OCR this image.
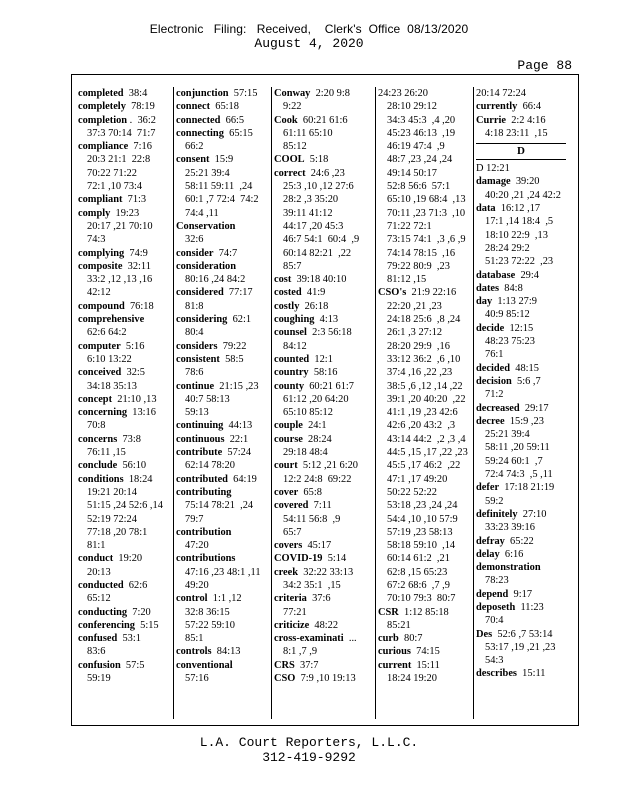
Electronic   Filing:   Received,    Clerk's  Office  08/13/2020
August 4, 2020
Page 88
completed  38:4
completely  78:19
completion .  36:2
37:3 70:14  71:7
compliance  7:16
20:3 21:1  22:8
70:22 71:22
72:1 ,10 73:4
compliant  71:3
comply  19:23
20:17 ,21 70:10
74:3
complying  74:9
composite  32:11
33:2 ,12 ,13 ,16
42:12
compound  76:18
comprehensive
62:6 64:2
computer  5:16
6:10 13:22
conceived  32:5
34:18 35:13
concept  21:10 ,13
concerning  13:16
70:8
concerns  73:8
76:11 ,15
conclude  56:10
conditions  18:24
19:21 20:14
51:15 ,24 52:6 ,14
52:19 72:24
77:18 ,20 78:1
81:1
conduct  19:20
20:13
conducted  62:6
65:12
conducting  7:20
conferencing  5:15
confused  53:1
83:6
confusion  57:5
59:19
conjunction  57:15
connect  65:18
connected  66:5
connecting  65:15
66:2
consent  15:9
25:21 39:4
58:11 59:11  ,24
60:1 ,7 72:4  74:2
74:4 ,11
Conservation
32:6
consider  74:7
consideration
80:16 ,24 84:2
considered  77:17
81:8
considering  62:1
80:4
considers  79:22
consistent  58:5
78:6
continue  21:15 ,23
40:7 58:13
59:13
continuing  44:13
continuous  22:1
contribute  57:24
62:14 78:20
contributed  64:19
contributing
75:14 78:21  ,24
79:7
contribution
47:20
contributions
47:16 ,23 48:1 ,11
49:20
control  1:1 ,12
32:8 36:15
57:22 59:10
85:1
controls  84:13
conventional
57:16
Conway  2:20 9:8
9:22
Cook  60:21 61:6
61:11 65:10
85:12
COOL  5:18
correct  24:6 ,23
25:3 ,10 ,12 27:6
28:2 ,3 35:20
39:11 41:12
44:17 ,20 45:3
46:7 54:1  60:4  ,9
60:14 82:21  ,22
85:7
cost  39:18 40:10
costed  41:9
costly  26:18
coughing  4:13
counsel  2:3 56:18
84:12
counted  12:1
country  58:16
county  60:21 61:7
61:12 ,20 64:20
65:10 85:12
couple  24:1
course  28:24
29:18 48:4
court  5:12 ,21 6:20
12:2 24:8  69:22
cover  65:8
covered  7:11
54:11 56:8  ,9
65:7
covers  45:17
COVID-19  5:14
creek  32:22 33:13
34:2 35:1  ,15
criteria  37:6
77:21
criticize  48:22
cross-examinati  ...
8:1 ,7 ,9
CRS  37:7
CSO  7:9 ,10 19:13
24:23 26:20
28:10 29:12
34:3 45:3  ,4 ,20
45:23 46:13  ,19
46:19 47:4  ,9
48:7 ,23 ,24 ,24
49:14 50:17
52:8 56:6  57:1
65:10 ,19 68:4  ,13
70:11 ,23 71:3  ,10
71:22 72:1
73:15 74:1  ,3 ,6 ,9
74:14 78:15  ,16
79:22 80:9  ,23
81:12 ,15
CSO's  21:9 22:16
22:20 ,21 ,23
24:18 25:6  ,8 ,24
26:1 ,3 27:12
28:20 29:9  ,16
33:12 36:2  ,6 ,10
37:4 ,16 ,22 ,23
38:5 ,6 ,12 ,14 ,22
39:1 ,20 40:20  ,22
41:1 ,19 ,23 42:6
42:6 ,20 43:2  ,3
43:14 44:2  ,2 ,3 ,4
44:5 ,15 ,17 ,22 ,23
45:5 ,17 46:2  ,22
47:1 ,17 49:20
50:22 52:22
53:18 ,23 ,24 ,24
54:4 ,10 ,10 57:9
57:19 ,23 58:13
58:18 59:10  ,14
60:14 61:2  ,21
62:8 ,15 65:23
67:2 68:6  ,7 ,9
70:10 79:3  80:7
CSR  1:12 85:18
85:21
curb  80:7
curious  74:15
current  15:11
18:24 19:20
20:14 72:24
currently  66:4
Currie  2:2 4:16
4:18 23:11  ,15
D
D 12:21
damage  39:20
40:20 ,21 ,24 42:2
data  16:12 ,17
17:1 ,14 18:4  ,5
18:10 22:9  ,13
28:24 29:2
51:23 72:22  ,23
database  29:4
dates  84:8
day  1:13 27:9
40:9 85:12
decide  12:15
48:23 75:23
76:1
decided  48:15
decision  5:6 ,7
71:2
decreased  29:17
decree  15:9 ,23
25:21 39:4
58:11 ,20 59:11
59:24 60:1  ,7
72:4 74:3  ,5 ,11
defer  17:18 21:19
59:2
definitely  27:10
33:23 39:16
defray  65:22
delay  6:16
demonstration
78:23
depend  9:17
deposeth  11:23
70:4
Des  52:6 ,7 53:14
53:17 ,19 ,21 ,23
54:3
describes  15:11
L.A. Court Reporters, L.L.C.
312-419-9292
